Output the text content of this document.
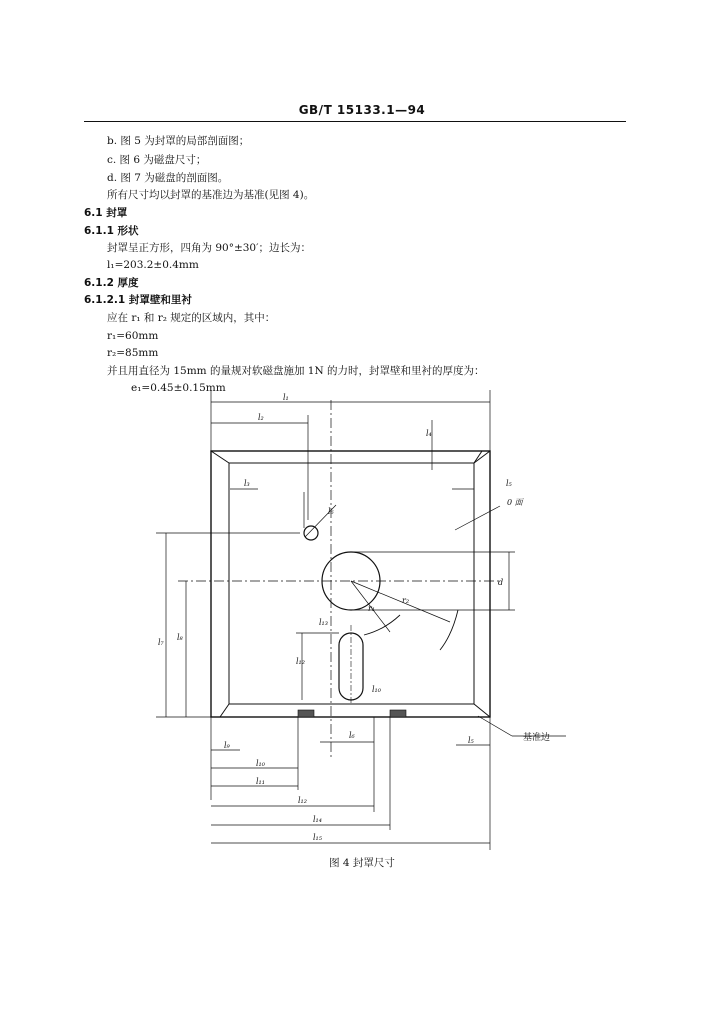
GB/T 15133.1—94
b. 图 5 为封罩的局部剖面图；
c. 图 6 为磁盘尺寸；
d. 图 7 为磁盘的剖面图。
所有尺寸均以封罩的基准边为基准(见图 4)。
6.1 封罩
6.1.1 形状
封罩呈正方形，四角为 90°±30′；边长为：
l₁=203.2±0.4mm
6.1.2 厚度
6.1.2.1 封罩壁和里衬
应在 r₁ 和 r₂ 规定的区域内，其中：
r₁=60mm
r₂=85mm
并且用直径为 15mm 的量规对软磁盘施加 1N 的力时，封罩壁和里衬的厚度为：
e₁=0.45±0.15mm
l₁
l₂
l₃
l₄
l₅
0 面
d
r₁
r₂
l₆
l₇
l₈
l₁₃
l₁₂
l₁₀
l₆
l₉
l₁₀
l₁₁
l₁₂
l₁₄
l₁₅
l₅	基准边
图 4 封罩尺寸
